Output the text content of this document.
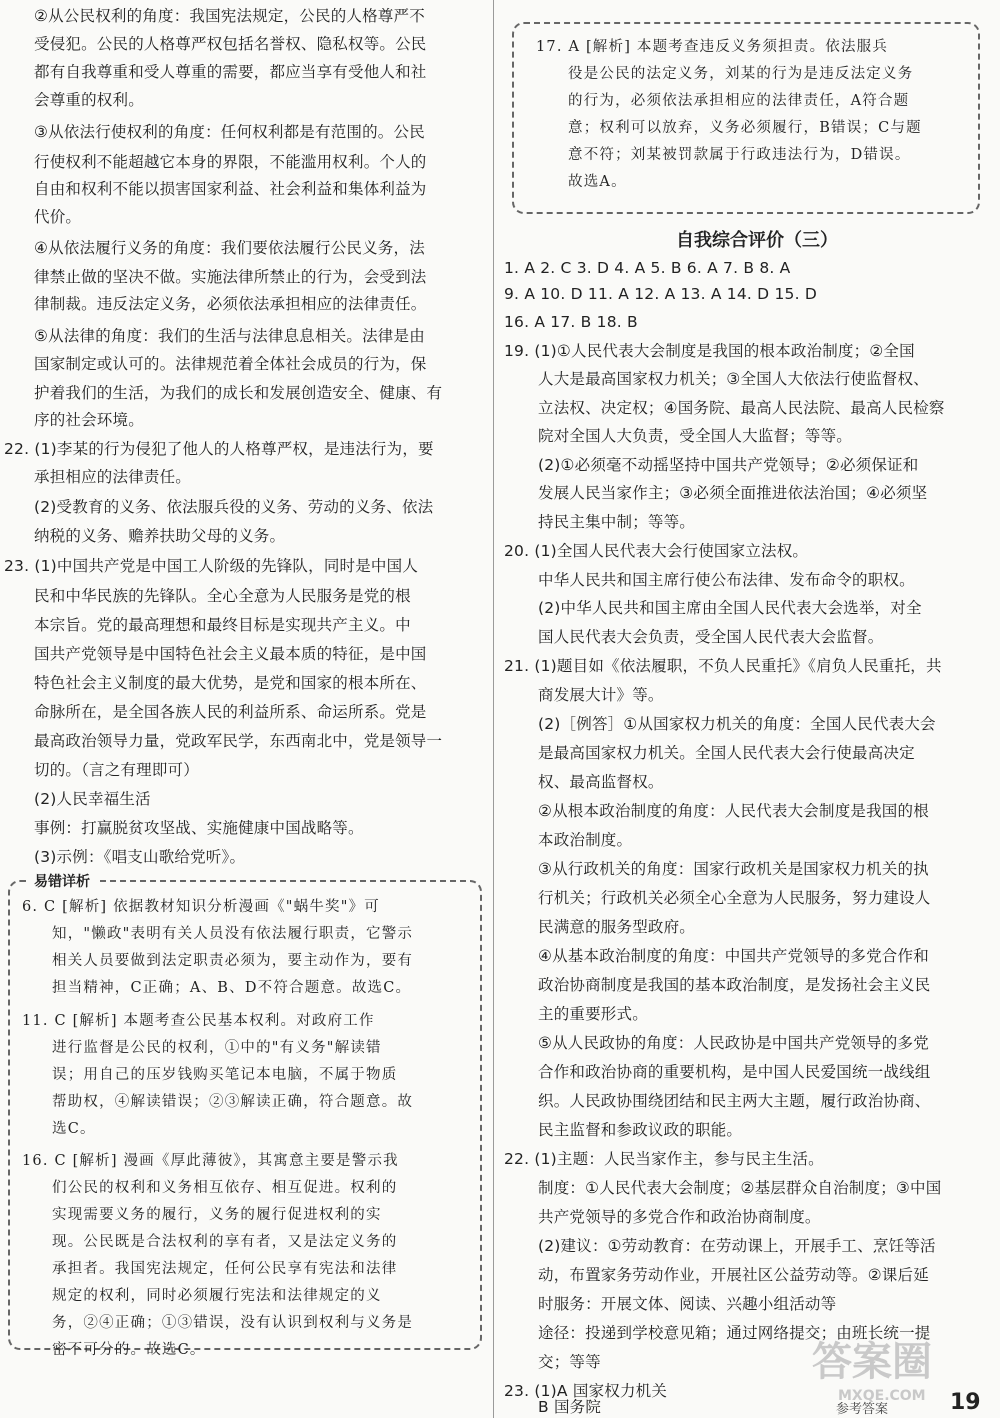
②从公民权利的角度：我国宪法规定，公民的人格尊严不
受侵犯。公民的人格尊严权包括名誉权、隐私权等。公民
都有自我尊重和受人尊重的需要，都应当享有受他人和社
会尊重的权利。
③从依法行使权利的角度：任何权利都是有范围的。公民
行使权利不能超越它本身的界限，不能滥用权利。个人的
自由和权利不能以损害国家利益、社会利益和集体利益为
代价。
④从依法履行义务的角度：我们要依法履行公民义务，法
律禁止做的坚决不做。实施法律所禁止的行为，会受到法
律制裁。违反法定义务，必须依法承担相应的法律责任。
⑤从法律的角度：我们的生活与法律息息相关。法律是由
国家制定或认可的。法律规范着全体社会成员的行为，保
护着我们的生活，为我们的成长和发展创造安全、健康、有
序的社会环境。
22. (1)李某的行为侵犯了他人的人格尊严权，是违法行为，要
承担相应的法律责任。
(2)受教育的义务、依法服兵役的义务、劳动的义务、依法
纳税的义务、赡养扶助父母的义务。
23. (1)中国共产党是中国工人阶级的先锋队，同时是中国人
民和中华民族的先锋队。全心全意为人民服务是党的根
本宗旨。党的最高理想和最终目标是实现共产主义。中
国共产党领导是中国特色社会主义最本质的特征，是中国
特色社会主义制度的最大优势，是党和国家的根本所在、
命脉所在，是全国各族人民的利益所系、命运所系。党是
最高政治领导力量，党政军民学，东西南北中，党是领导一
切的。（言之有理即可）
(2)人民幸福生活
事例：打赢脱贫攻坚战、实施健康中国战略等。
(3)示例：《唱支山歌给党听》。
易错详析
6. C [解析] 依据教材知识分析漫画《"蜗牛奖"》可
知，"懒政"表明有关人员没有依法履行职责，它警示
相关人员要做到法定职责必须为，要主动作为，要有
担当精神，C正确；A、B、D不符合题意。故选C。
11. C [解析] 本题考查公民基本权利。对政府工作
进行监督是公民的权利，①中的"有义务"解读错
误；用自己的压岁钱购买笔记本电脑，不属于物质
帮助权，④解读错误；②③解读正确，符合题意。故
选C。
16. C [解析] 漫画《厚此薄彼》，其寓意主要是警示我
们公民的权利和义务相互依存、相互促进。权利的
实现需要义务的履行，义务的履行促进权利的实
现。公民既是合法权利的享有者，又是法定义务的
承担者。我国宪法规定，任何公民享有宪法和法律
规定的权利，同时必须履行宪法和法律规定的义
务，②④正确；①③错误，没有认识到权利与义务是
密不可分的。故选C。
17. A [解析] 本题考查违反义务须担责。依法服兵
役是公民的法定义务，刘某的行为是违反法定义务
的行为，必须依法承担相应的法律责任，A符合题
意；权利可以放弃，义务必须履行，B错误；C与题
意不符；刘某被罚款属于行政违法行为，D错误。
故选A。
自我综合评价（三）
1. A 2. C 3. D 4. A 5. B 6. A 7. B 8. A
9. A 10. D 11. A 12. A 13. A 14. D 15. D
16. A 17. B 18. B
19. (1)①人民代表大会制度是我国的根本政治制度；②全国
人大是最高国家权力机关；③全国人大依法行使监督权、
立法权、决定权；④国务院、最高人民法院、最高人民检察
院对全国人大负责，受全国人大监督；等等。
(2)①必须毫不动摇坚持中国共产党领导；②必须保证和
发展人民当家作主；③必须全面推进依法治国；④必须坚
持民主集中制；等等。
20. (1)全国人民代表大会行使国家立法权。
中华人民共和国主席行使公布法律、发布命令的职权。
(2)中华人民共和国主席由全国人民代表大会选举，对全
国人民代表大会负责，受全国人民代表大会监督。
21. (1)题目如《依法履职，不负人民重托》《肩负人民重托，共
商发展大计》等。
(2)［例答］①从国家权力机关的角度：全国人民代表大会
是最高国家权力机关。全国人民代表大会行使最高决定
权、最高监督权。
②从根本政治制度的角度：人民代表大会制度是我国的根
本政治制度。
③从行政机关的角度：国家行政机关是国家权力机关的执
行机关；行政机关必须全心全意为人民服务，努力建设人
民满意的服务型政府。
④从基本政治制度的角度：中国共产党领导的多党合作和
政治协商制度是我国的基本政治制度，是发扬社会主义民
主的重要形式。
⑤从人民政协的角度：人民政协是中国共产党领导的多党
合作和政治协商的重要机构，是中国人民爱国统一战线组
织。人民政协围绕团结和民主两大主题，履行政治协商、
民主监督和参政议政的职能。
22. (1)主题：人民当家作主，参与民主生活。
制度：①人民代表大会制度；②基层群众自治制度；③中国
共产党领导的多党合作和政治协商制度。
(2)建议：①劳动教育：在劳动课上，开展手工、烹饪等活
动，布置家务劳动作业，开展社区公益劳动等。②课后延
时服务：开展文体、阅读、兴趣小组活动等
途径：投递到学校意见箱；通过网络提交；由班长统一提
交；等等
23. (1)A 国家权力机关
B 国务院
答案圈
MXQE.COM
参考答案	19
